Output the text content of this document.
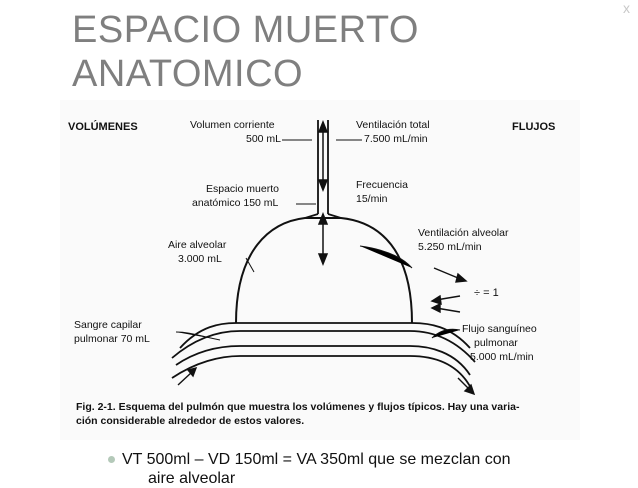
ESPACIO MUERTO
ANATOMICO
x
VOLÚMENES	FLUJOS
Volumen corriente
500 mL
Ventilación total
7.500 mL/min
Espacio muerto
anatómico 150 mL
Frecuencia
15/min
Aire alveolar
3.000 mL
Ventilación alveolar
5.250 mL/min
÷ = 1
Sangre capilar
pulmonar 70 mL
Flujo sanguíneo
pulmonar
5.000 mL/min
Fig. 2-1. Esquema del pulmón que muestra los volúmenes y flujos típicos. Hay una varia-
ción considerable alrededor de estos valores.
VT 500ml – VD 150ml = VA 350ml que se mezclan con
aire alveolar
